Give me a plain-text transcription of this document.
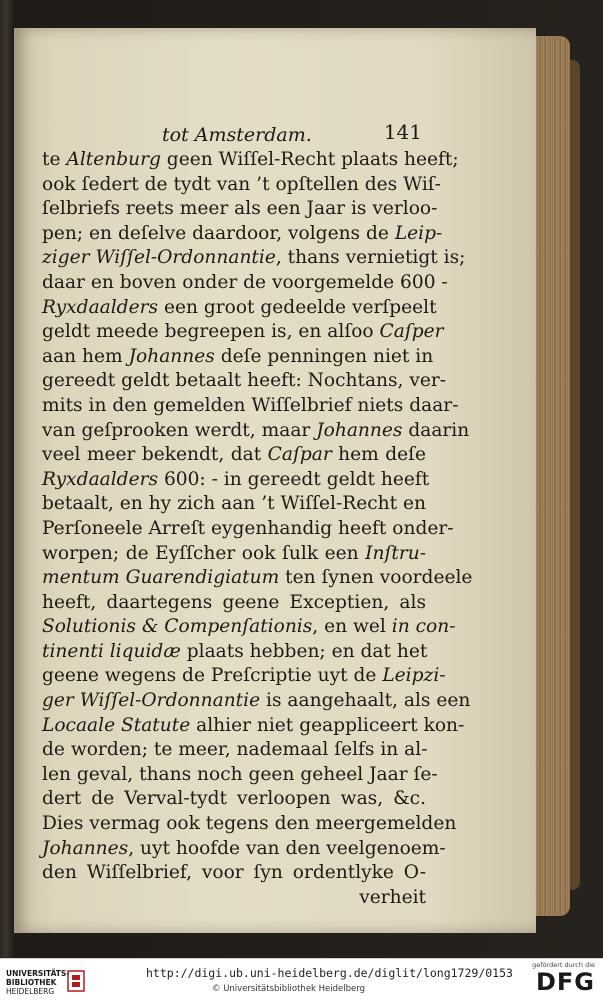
tot Amsterdam.	141
te Altenburg geen Wiſſel-Recht plaats heeft;
ook ſedert de tydt van ’t opſtellen des Wiſ-
ſelbriefs reets meer als een Jaar is verloo-
pen; en deſelve daardoor, volgens de Leip-
ziger Wiſſel-Ordonnantie, thans vernietigt is;
daar en boven onder de voorgemelde 600 -
Ryxdaalders een groot gedeelde verſpeelt
geldt meede begreepen is, en alſoo Caſper
aan hem Johannes deſe penningen niet in
gereedt geldt betaalt heeft: Nochtans, ver-
mits in den gemelden Wiſſelbrief niets daar-
van geſprooken werdt, maar Johannes daarin
veel meer bekendt, dat Caſpar hem deſe
Ryxdaalders 600: - in gereedt geldt heeft
betaalt, en hy zich aan ’t Wiſſel-Recht en
Perſoneele Arreſt eygenhandig heeft onder-
worpen; de Eyſſcher ook ſulk een Inſtru-
mentum Guarendigiatum ten ſynen voordeele
heeft, daartegens geene Exceptien, als
Solutionis & Compenſationis, en wel in con-
tinenti liquidæ plaats hebben; en dat het
geene wegens de Preſcriptie uyt de Leipzi-
ger Wiſſel-Ordonnantie is aangehaalt, als een
Locaale Statute alhier niet geappliceert kon-
de worden; te meer, nademaal ſelfs in al-
len geval, thans noch geen geheel Jaar ſe-
dert de Verval-tydt verloopen was, &c.
Dies vermag ook tegens den meergemelden
Johannes, uyt hoofde van den veelgenoem-
den Wiſſelbrief, voor ſyn ordentlyke O-
verheit
UNIVERSITÄTS-
BIBLIOTHEK
HEIDELBERG
http://digi.ub.uni-heidelberg.de/diglit/long1729/0153
© Universitätsbibliothek Heidelberg
gefördert durch die
DFG
